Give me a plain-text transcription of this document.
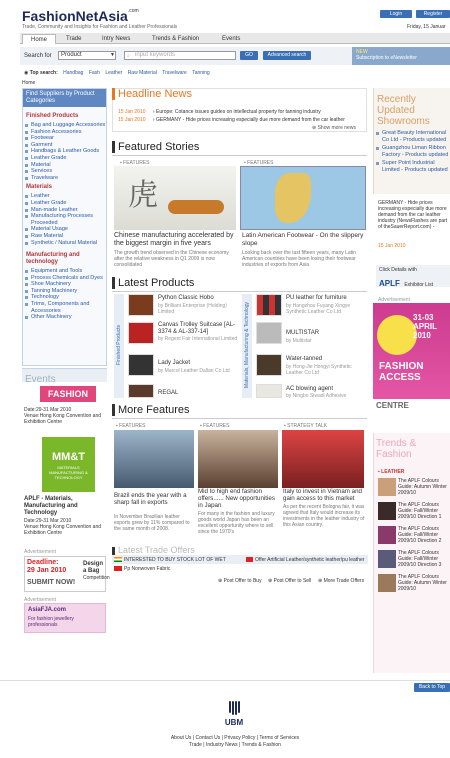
FashionNetAsia$^{.com}$
Trade, Community and Insights for Fashion and Leather Professionals
Login	Register
Friday, 15 Januar
Home	Trade	Intry News	Trends & Fashion	Events
Search for	Product	▼ ⌕ input keywords	GO	Advanced search	NEW
Subscription to eNewsletter
◉ Top search: Handbag Fash Leather Raw Material Travelware Tanning
Home
Find Suppliers by Product Categories
Finished Products
Bag and Luggage Accessories
Fashion Accessories
Footwear
Garment
Handbags & Leather Goods
Leather Grade
Material
Services
Travelware
Materials
Leather
Leather Grade
Man-made Leather
Manufacturing Processes Proceeded
Material Usage
Raw Material
Synthetic / Natural Material
Manufacturing and technology
Equipment and Tools
Process Chemicals and Dyes
Shoe Machinery
Tanning Machinery
Technology
Trims, Components and Accessories
Other Machinery
Events
FASHION
Date:29-31 Mar 2010
Venue:Hong Kong Convention and Exhibition Centre
MM&T
MATERIALS MANUFACTURING & TECHNOLOGY
APLF - Materials, Manufacturing and Technology
Date:29-31 Mar 2010
Venue:Hong Kong Convention and Exhibition Centre
Advertisement
Deadline:
29 Jan 2010
SUBMIT NOW!
Design
a Bag
Competition
Advertisement
AsiaFJA.com
For fashion jewellery professionals
Headline News
15 Jan 2010 › Europe: Cotance issues guides on intellectual property for tanning industry
15 Jan 2010 › GERMANY - Hide prices increasing especially due more demand from the car leather
⊕ Show more news
Featured Stories
▪ FEATURES	▪ FEATURES
虎
Chinese manufacturing accelerated by the biggest margin in five years
The growth trend observed in the Chinese economy after the relative weakness in Q1 2009 is now consolidated
Latin American Footwear - On the slippery slope
Looking back over the last fifteen years, many Latin American countries have been losing their footwear industries of exports from Asia
Latest Products
Finished Products	Materials, Manufacturing & Technology
Python Classic Hobo
by Brilliant Enterprise (Holding) Limited
Canvas Trolley Suitcase [AL-3374 & AL-337-14]
by Regent Fair International Limited
Lady Jacket
by Marcol Leather Dallan Co Ltd
REGAL
PU leather for furniture
by Hangzhou Fuyang Xingye Synthetic Leather Co Ltd
MULTISTAR
by Multistar
Water-tanned
by Hong-Jie Hongyi Synthetic Leather Co Ltd
AC blowing agent
by Ningbo Siwadi Adhesive
More Features
▪ FEATURES	▪ FEATURES	▪ STRATEGY TALK
Brazil ends the year with a sharp fall in exports
In November Brazilian leather exports grew by 11% compared to the same month of 2008.
Mid to high end fashion offers...... New opportunities in Japan
For many in the fashion and luxury goods world Japan has been an excellent opportunity where to sell since the 1970's
Italy to invest in Vietnam and gain access to this market
As per the recent Bologna fair, it was agreed that Italy would increase its investments in the leather industry of this Asian country.
Latest Trade Offers
INTERESTED TO BUY STOCK LOT OF WET	Offer Artificial Leather/synthetic leather/pu leather
Pp Nonwoven Fabric
⊕ Post Offer to Buy ⊕ Post Offer to Sell ⊕ More Trade Offers
Recently Updated Showrooms
Great Beauty International Co Ltd - Products updated
Guangzhou Liman Ribbon Factory - Products updated
Super Point Industrial Limited - Products updated
GERMANY - Hide prices increasing especially due more demand from the car leather industry (NewsFlashes are part of theSauerReport.com) -
15 Jan 2010
Click Details with
APLF Exhibitor List
Advertisement
31-03 APRIL 2010
FASHION ACCESS
CENTRE
Trends & Fashion
▪ LEATHER
The APLF Colours Guide: Autumn Winter 2009/10
The APLF Colours Guide: Fall/Winter 2009/10 Direction 1
The APLF Colours Guide: Fall/Winter 2009/10 Direction 2
The APLF Colours Guide: Fall/Winter 2009/10 Direction 3
The APLF Colours Guide: Autumn Winter 2009/10
Back to Top
UBM
About Us | Contact Us | Privacy Policy | Terms of Services
Trade | Industry News | Trends & Fashion
